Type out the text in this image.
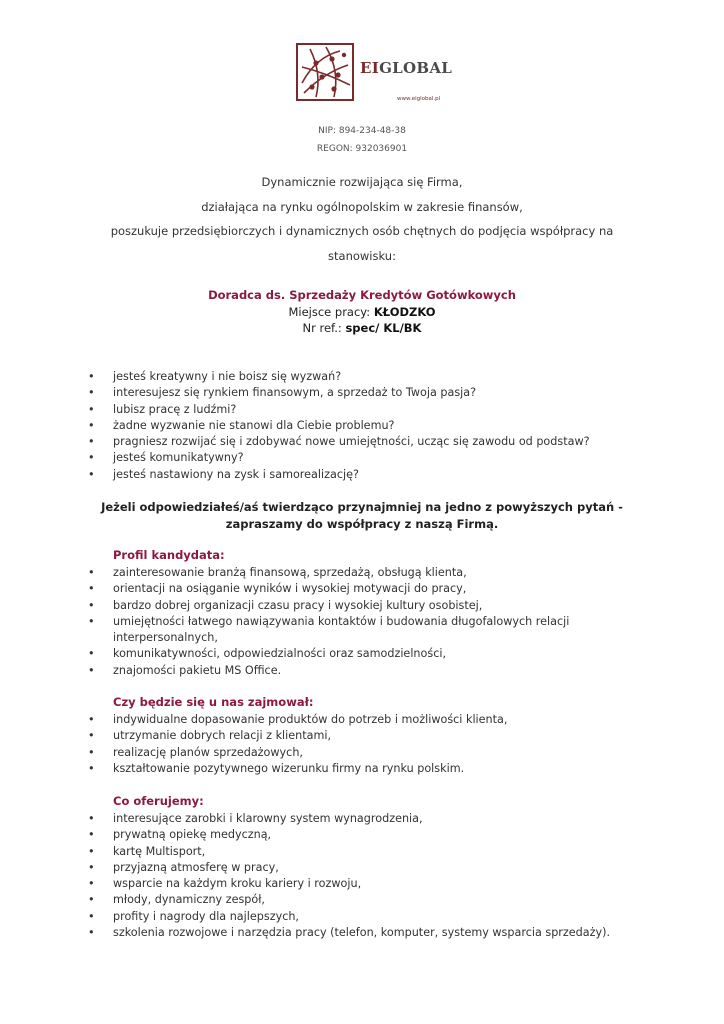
EIGLOBAL
www.eiglobal.pl
NIP: 894-234-48-38
REGON: 932036901
Dynamicznie rozwijająca się Firma,
działająca na rynku ogólnopolskim w zakresie finansów,
poszukuje przedsiębiorczych i dynamicznych osób chętnych do podjęcia współpracy na
stanowisku:
Doradca ds. Sprzedaży Kredytów Gotówkowych
Miejsce pracy: KŁODZKO
Nr ref.: spec/ KL/BK
• jesteś kreatywny i nie boisz się wyzwań?
• interesujesz się rynkiem finansowym, a sprzedaż to Twoja pasja?
• lubisz pracę z ludźmi?
• żadne wyzwanie nie stanowi dla Ciebie problemu?
• pragniesz rozwijać się i zdobywać nowe umiejętności, ucząc się zawodu od podstaw?
• jesteś komunikatywny?
• jesteś nastawiony na zysk i samorealizację?
Jeżeli odpowiedziałeś/aś twierdząco przynajmniej na jedno z powyższych pytań - zapraszamy do współpracy z naszą Firmą.
Profil kandydata:
• zainteresowanie branżą finansową, sprzedażą, obsługą klienta,
• orientacji na osiąganie wyników i wysokiej motywacji do pracy,
• bardzo dobrej organizacji czasu pracy i wysokiej kultury osobistej,
• umiejętności łatwego nawiązywania kontaktów i budowania długofalowych relacji interpersonalnych,
• komunikatywności, odpowiedzialności oraz samodzielności,
• znajomości pakietu MS Office.
Czy będzie się u nas zajmował:
• indywidualne dopasowanie produktów do potrzeb i możliwości klienta,
• utrzymanie dobrych relacji z klientami,
• realizację planów sprzedażowych,
• kształtowanie pozytywnego wizerunku firmy na rynku polskim.
Co oferujemy:
• interesujące zarobki i klarowny system wynagrodzenia,
• prywatną opiekę medyczną,
• kartę Multisport,
• przyjazną atmosferę w pracy,
• wsparcie na każdym kroku kariery i rozwoju,
• młody, dynamiczny zespół,
• profity i nagrody dla najlepszych,
• szkolenia rozwojowe i narzędzia pracy (telefon, komputer, systemy wsparcia sprzedaży).
